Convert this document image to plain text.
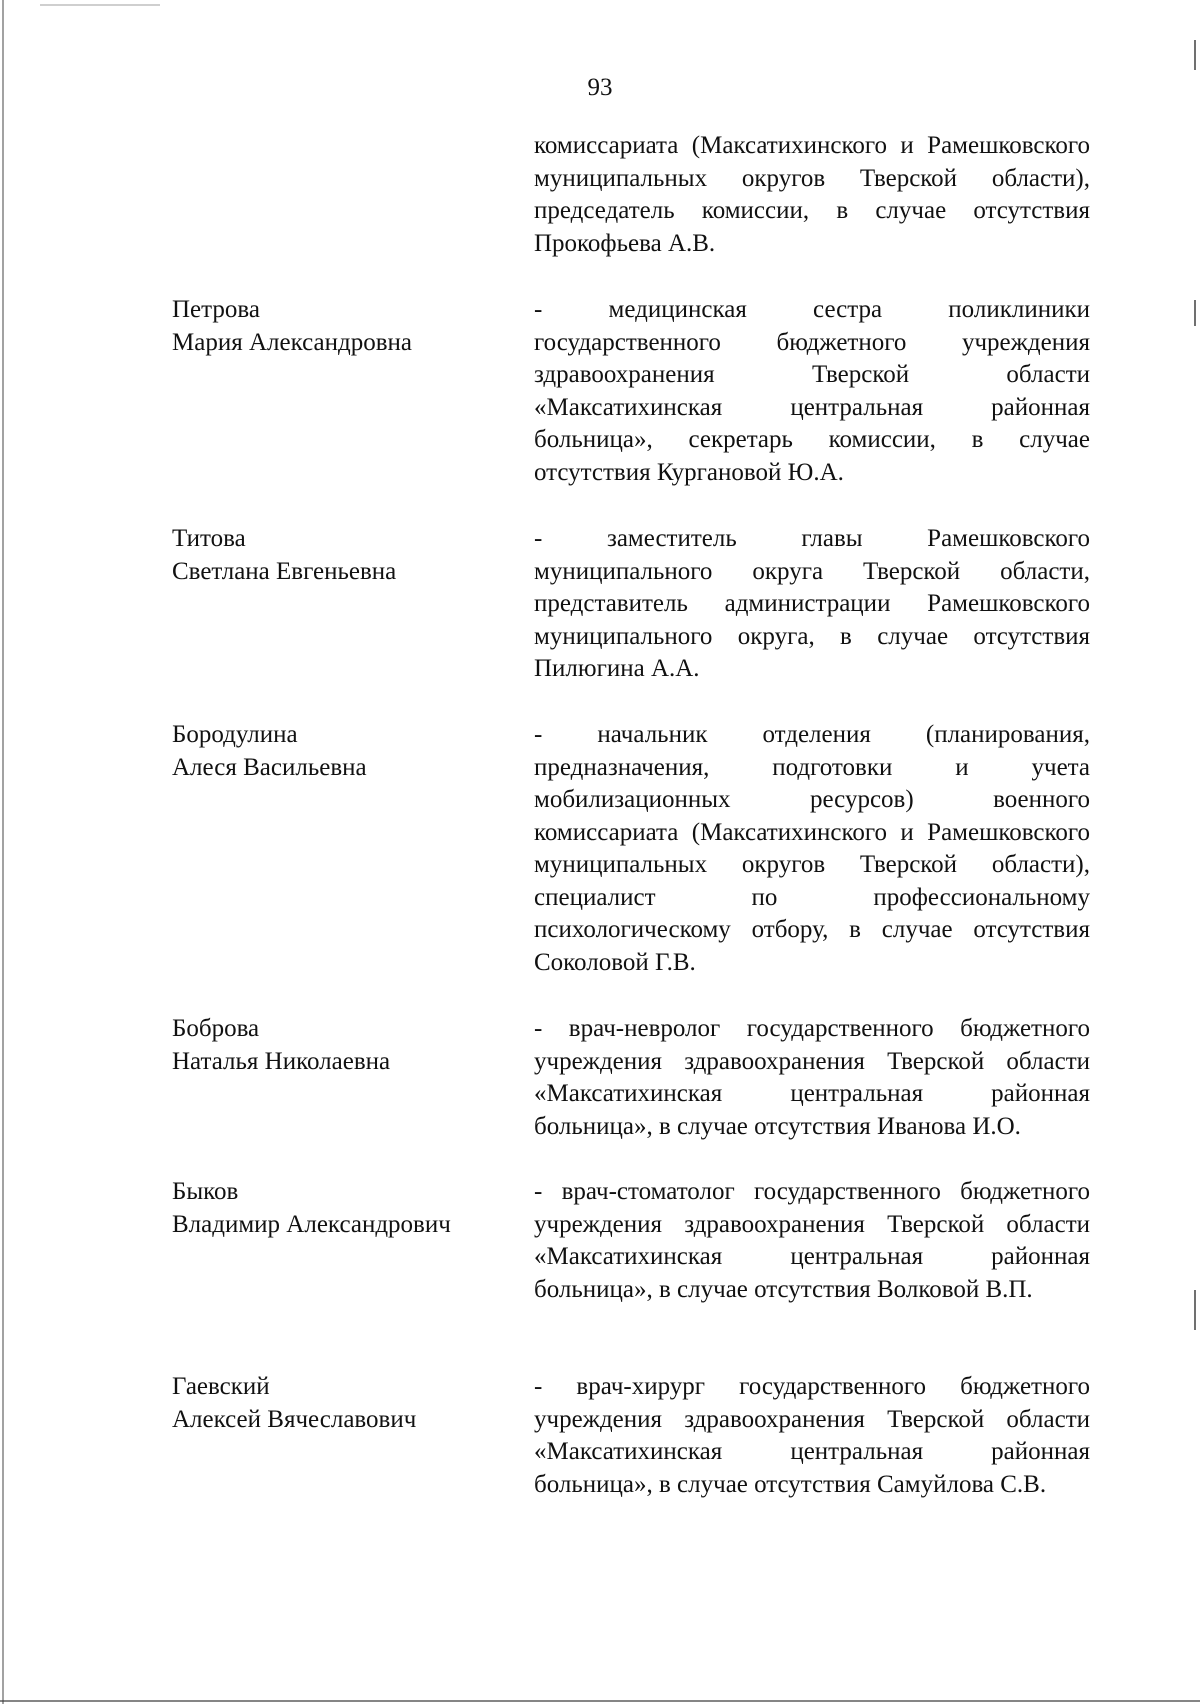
93
комиссариата (Максатихинского и Рамешковского муниципальных округов Тверской области), председатель комиссии, в случае отсутствия Прокофьева А.В.
Петрова
Мария Александровна
- медицинская сестра поликлиники государственного бюджетного учреждения здравоохранения Тверской области «Максатихинская центральная районная больница», секретарь комиссии, в случае отсутствия Кургановой Ю.А.
Титова
Светлана Евгеньевна
- заместитель главы Рамешковского муниципального округа Тверской области, представитель администрации Рамешковского муниципального округа, в случае отсутствия Пилюгина А.А.
Бородулина
Алеся Васильевна
- начальник отделения (планирования, предназначения, подготовки и учета мобилизационных ресурсов) военного комиссариата (Максатихинского и Рамешковского муниципальных округов Тверской области), специалист по профессиональному психологическому отбору, в случае отсутствия Соколовой Г.В.
Боброва
Наталья Николаевна
- врач-невролог государственного бюджетного учреждения здравоохранения Тверской области «Максатихинская центральная районная больница», в случае отсутствия Иванова И.О.
Быков
Владимир Александрович
- врач-стоматолог государственного бюджетного учреждения здравоохранения Тверской области «Максатихинская центральная районная больница», в случае отсутствия Волковой В.П.
Гаевский
Алексей Вячеславович
- врач-хирург государственного бюджетного учреждения здравоохранения Тверской области «Максатихинская центральная районная больница», в случае отсутствия Самуйлова С.В.
